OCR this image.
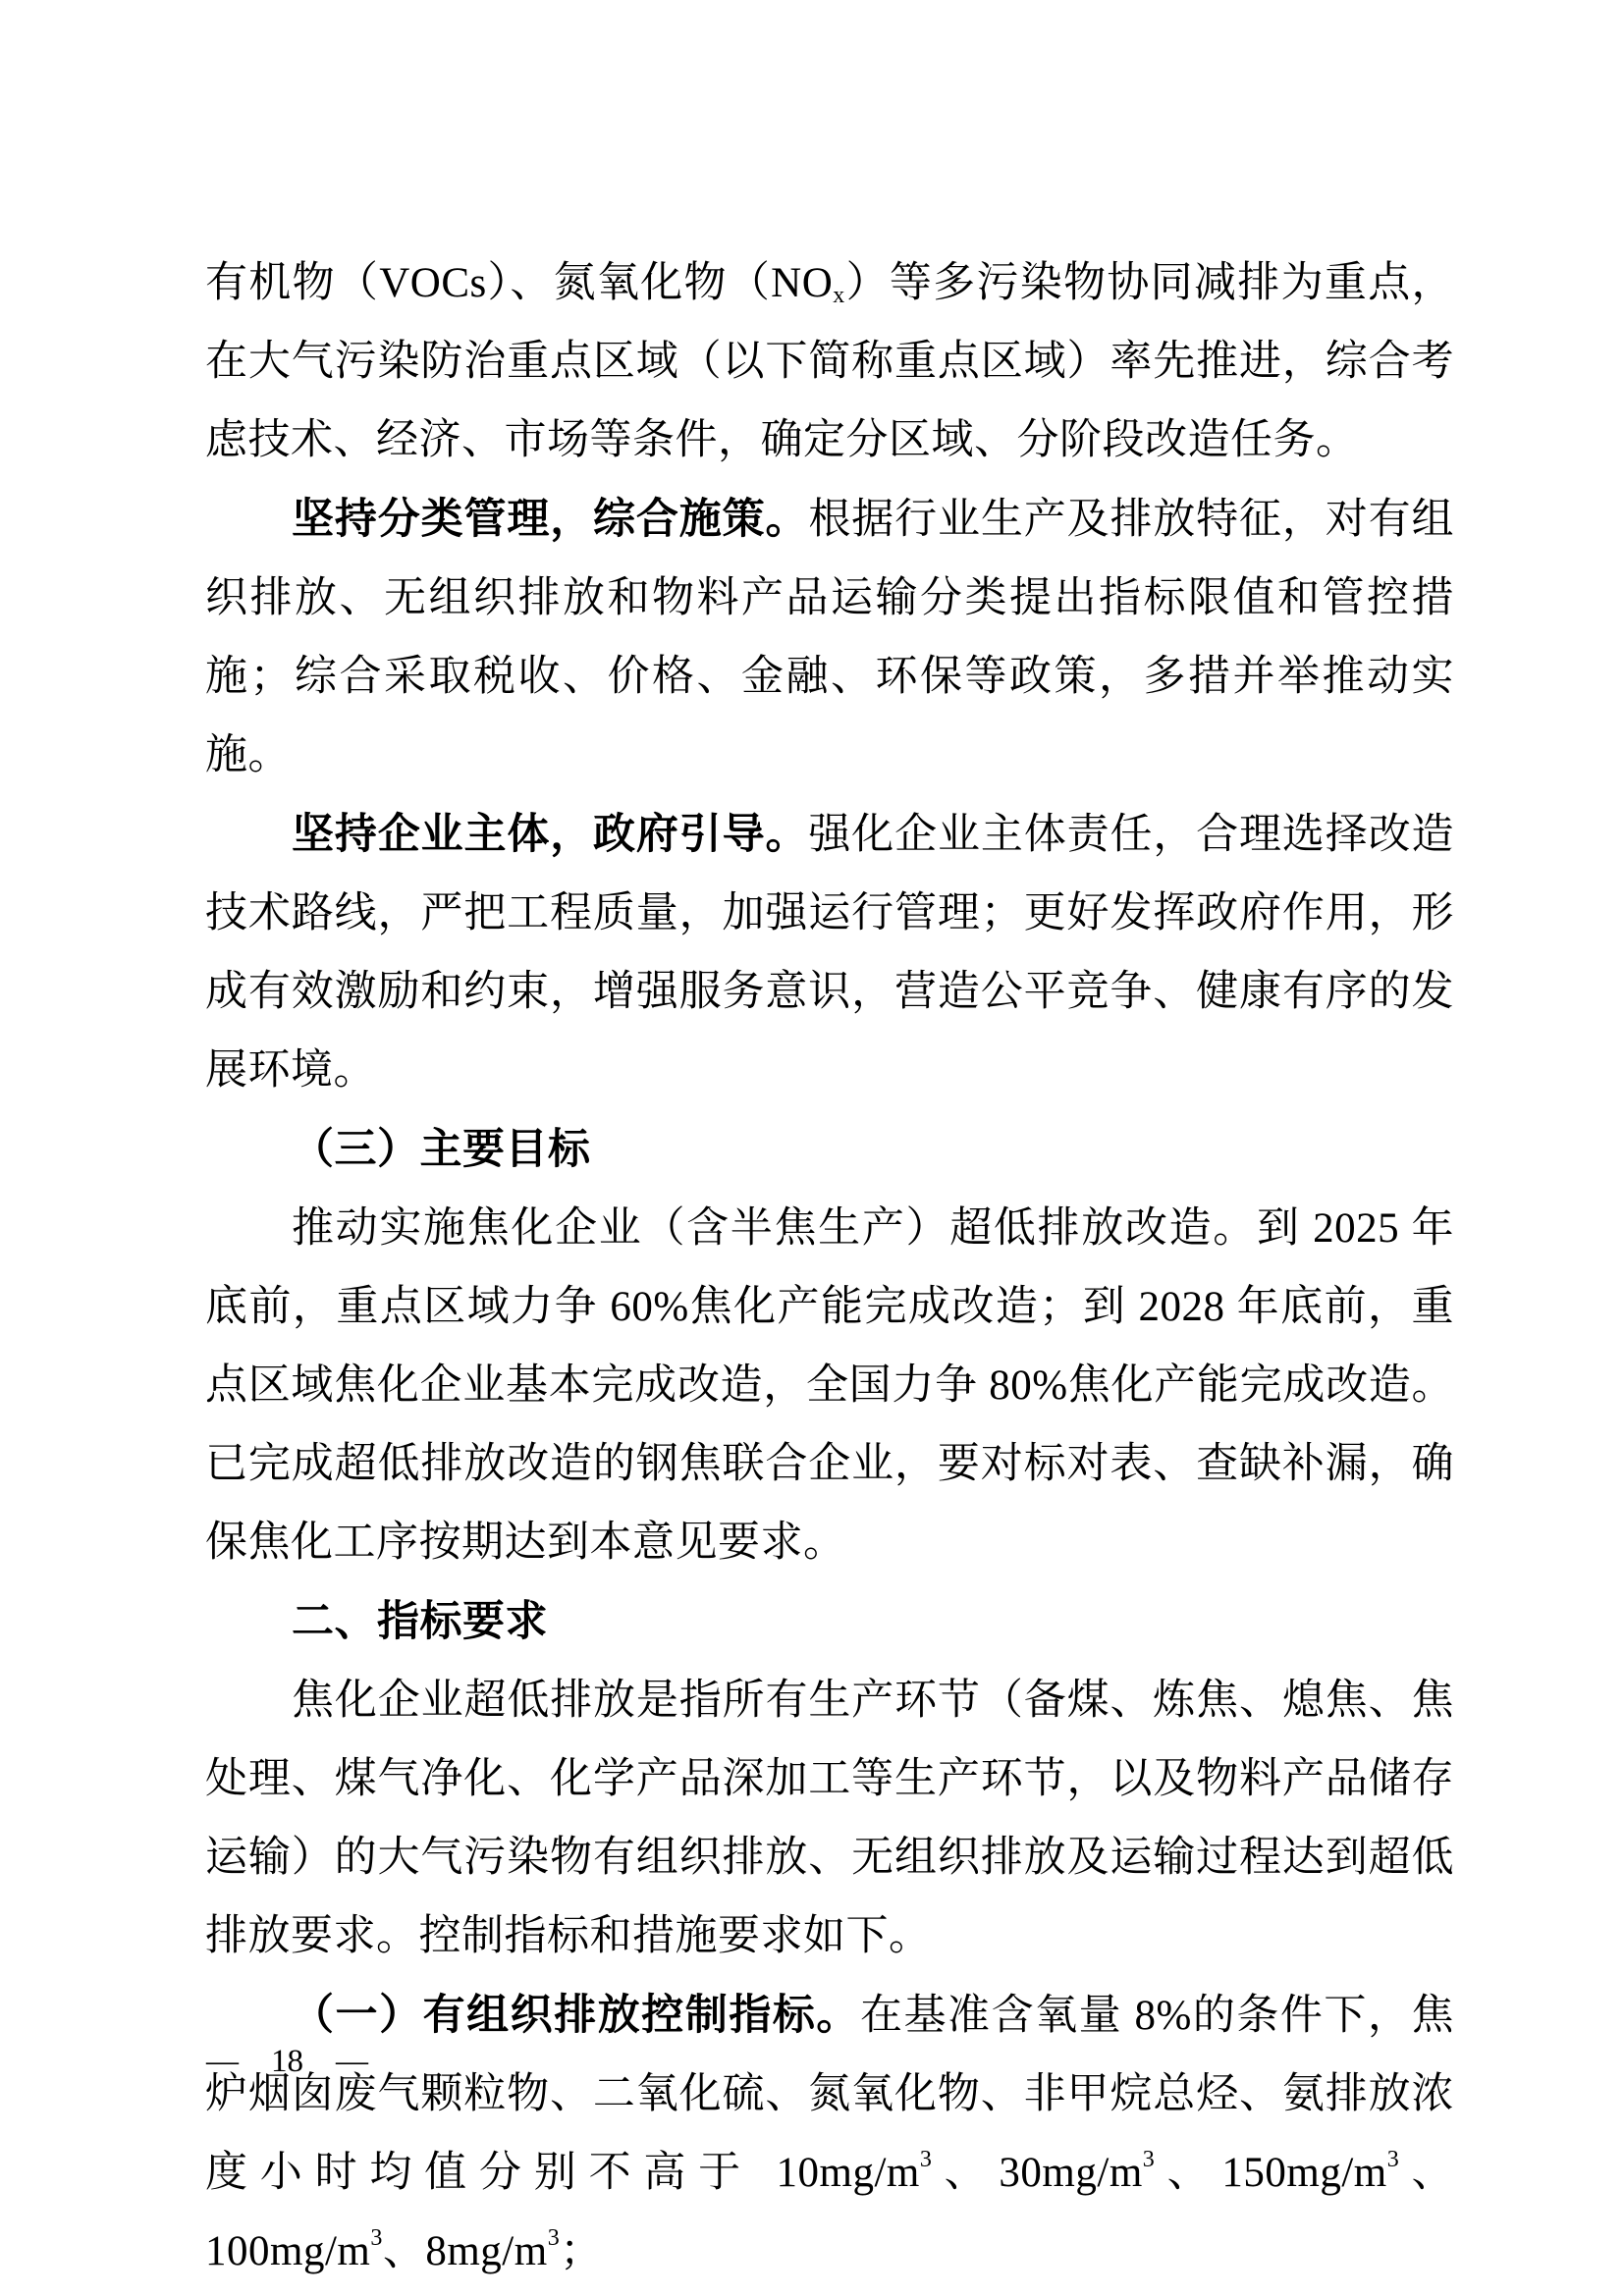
有机物（VOCs）、氮氧化物$(NO_x)$等多污染物协同减排为重点，在大气污染防治重点区域（以下简称重点区域）率先推进，综合考虑技术、经济、市场等条件，确定分区域、分阶段改造任务。

坚持分类管理，综合施策。根据行业生产及排放特征，对有组织排放、无组织排放和物料产品运输分类提出指标限值和管控措施；综合采取税收、价格、金融、环保等政策，多措并举推动实施。

坚持企业主体，政府引导。强化企业主体责任，合理选择改造技术路线，严把工程质量，加强运行管理；更好发挥政府作用，形成有效激励和约束，增强服务意识，营造公平竞争、健康有序的发展环境。

（三）主要目标

推动实施焦化企业（含半焦生产）超低排放改造。到 2025 年底前，重点区域力争 60%焦化产能完成改造；到 2028 年底前，重点区域焦化企业基本完成改造，全国力争 80%焦化产能完成改造。已完成超低排放改造的钢焦联合企业，要对标对表、查缺补漏，确保焦化工序按期达到本意见要求。

二、指标要求

焦化企业超低排放是指所有生产环节（备煤、炼焦、熄焦、焦处理、煤气净化、化学产品深加工等生产环节，以及物料产品储存运输）的大气污染物有组织排放、无组织排放及运输过程达到超低排放要求。控制指标和措施要求如下。

（一）有组织排放控制指标。在基准含氧量 8%的条件下，焦炉烟囱废气颗粒物、二氧化硫、氮氧化物、非甲烷总烃、氨排放浓度小时均值分别不高于 $10mg/m^3$、$30mg/m^3$、$150mg/m^3$、$100mg/m^3$、$8mg/m^3$；

— 18 —
